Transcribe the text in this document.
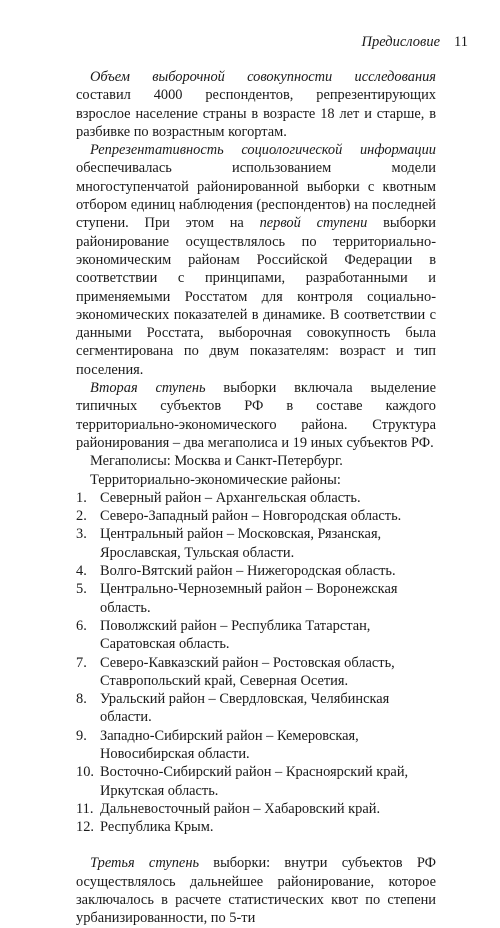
Предисловие 11

Объем выборочной совокупности исследования составил 4000 респондентов, репрезентирующих взрослое население страны в возрасте 18 лет и старше, в разбивке по возрастным когортам.

Репрезентативность социологической информации обеспечивалась использованием модели многоступенчатой районированной выборки с квотным отбором единиц наблюдения (респондентов) на последней ступени. При этом на первой ступени выборки районирование осуществлялось по территориально-экономическим районам Российской Федерации в соответствии с принципами, разработанными и применяемыми Росстатом для контроля социально-экономических показателей в динамике. В соответствии с данными Росстата, выборочная совокупность была сегментирована по двум показателям: возраст и тип поселения.

Вторая ступень выборки включала выделение типичных субъектов РФ в составе каждого территориально-экономического района. Структура районирования – два мегаполиса и 19 иных субъектов РФ.

Мегаполисы: Москва и Санкт-Петербург.

Территориально-экономические районы:

1. Северный район – Архангельская область.
2. Северо-Западный район – Новгородская область.
3. Центральный район – Московская, Рязанская, Ярославская, Тульская области.
4. Волго-Вятский район – Нижегородская область.
5. Центрально-Черноземный район – Воронежская область.
6. Поволжский район – Республика Татарстан, Саратовская область.
7. Северо-Кавказский район – Ростовская область, Ставропольский край, Северная Осетия.
8. Уральский район – Свердловская, Челябинская области.
9. Западно-Сибирский район – Кемеровская, Новосибирская области.
10. Восточно-Сибирский район – Красноярский край, Иркутская область.
11. Дальневосточный район – Хабаровский край.
12. Республика Крым.

Третья ступень выборки: внутри субъектов РФ осуществлялось дальнейшее районирование, которое заключалось в расчете статистических квот по степени урбанизированности, по 5-ти
